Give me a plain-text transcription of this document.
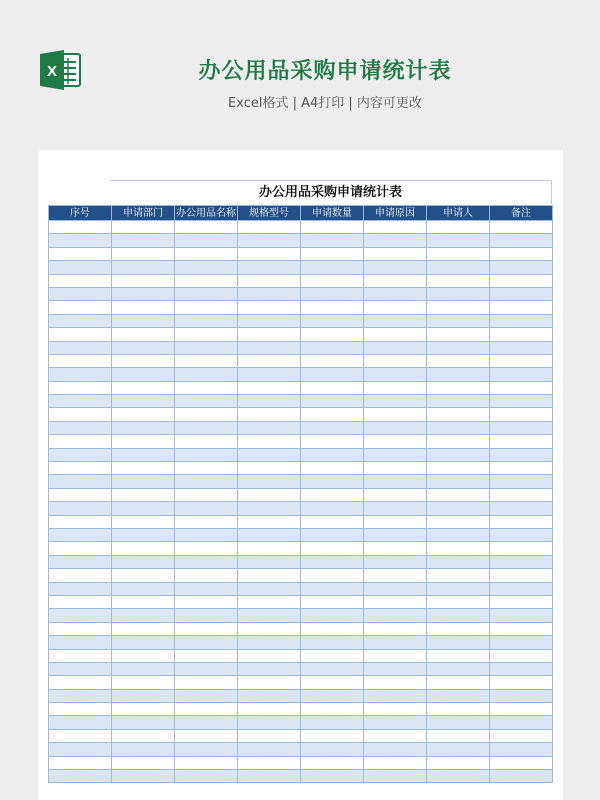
X	办公用品采购申请统计表
Excel格式 | A4打印 | 内容可更改
办公用品采购申请统计表
序号	申请部门	办公用品名称	规格型号	申请数量	申请原因	申请人	备注
